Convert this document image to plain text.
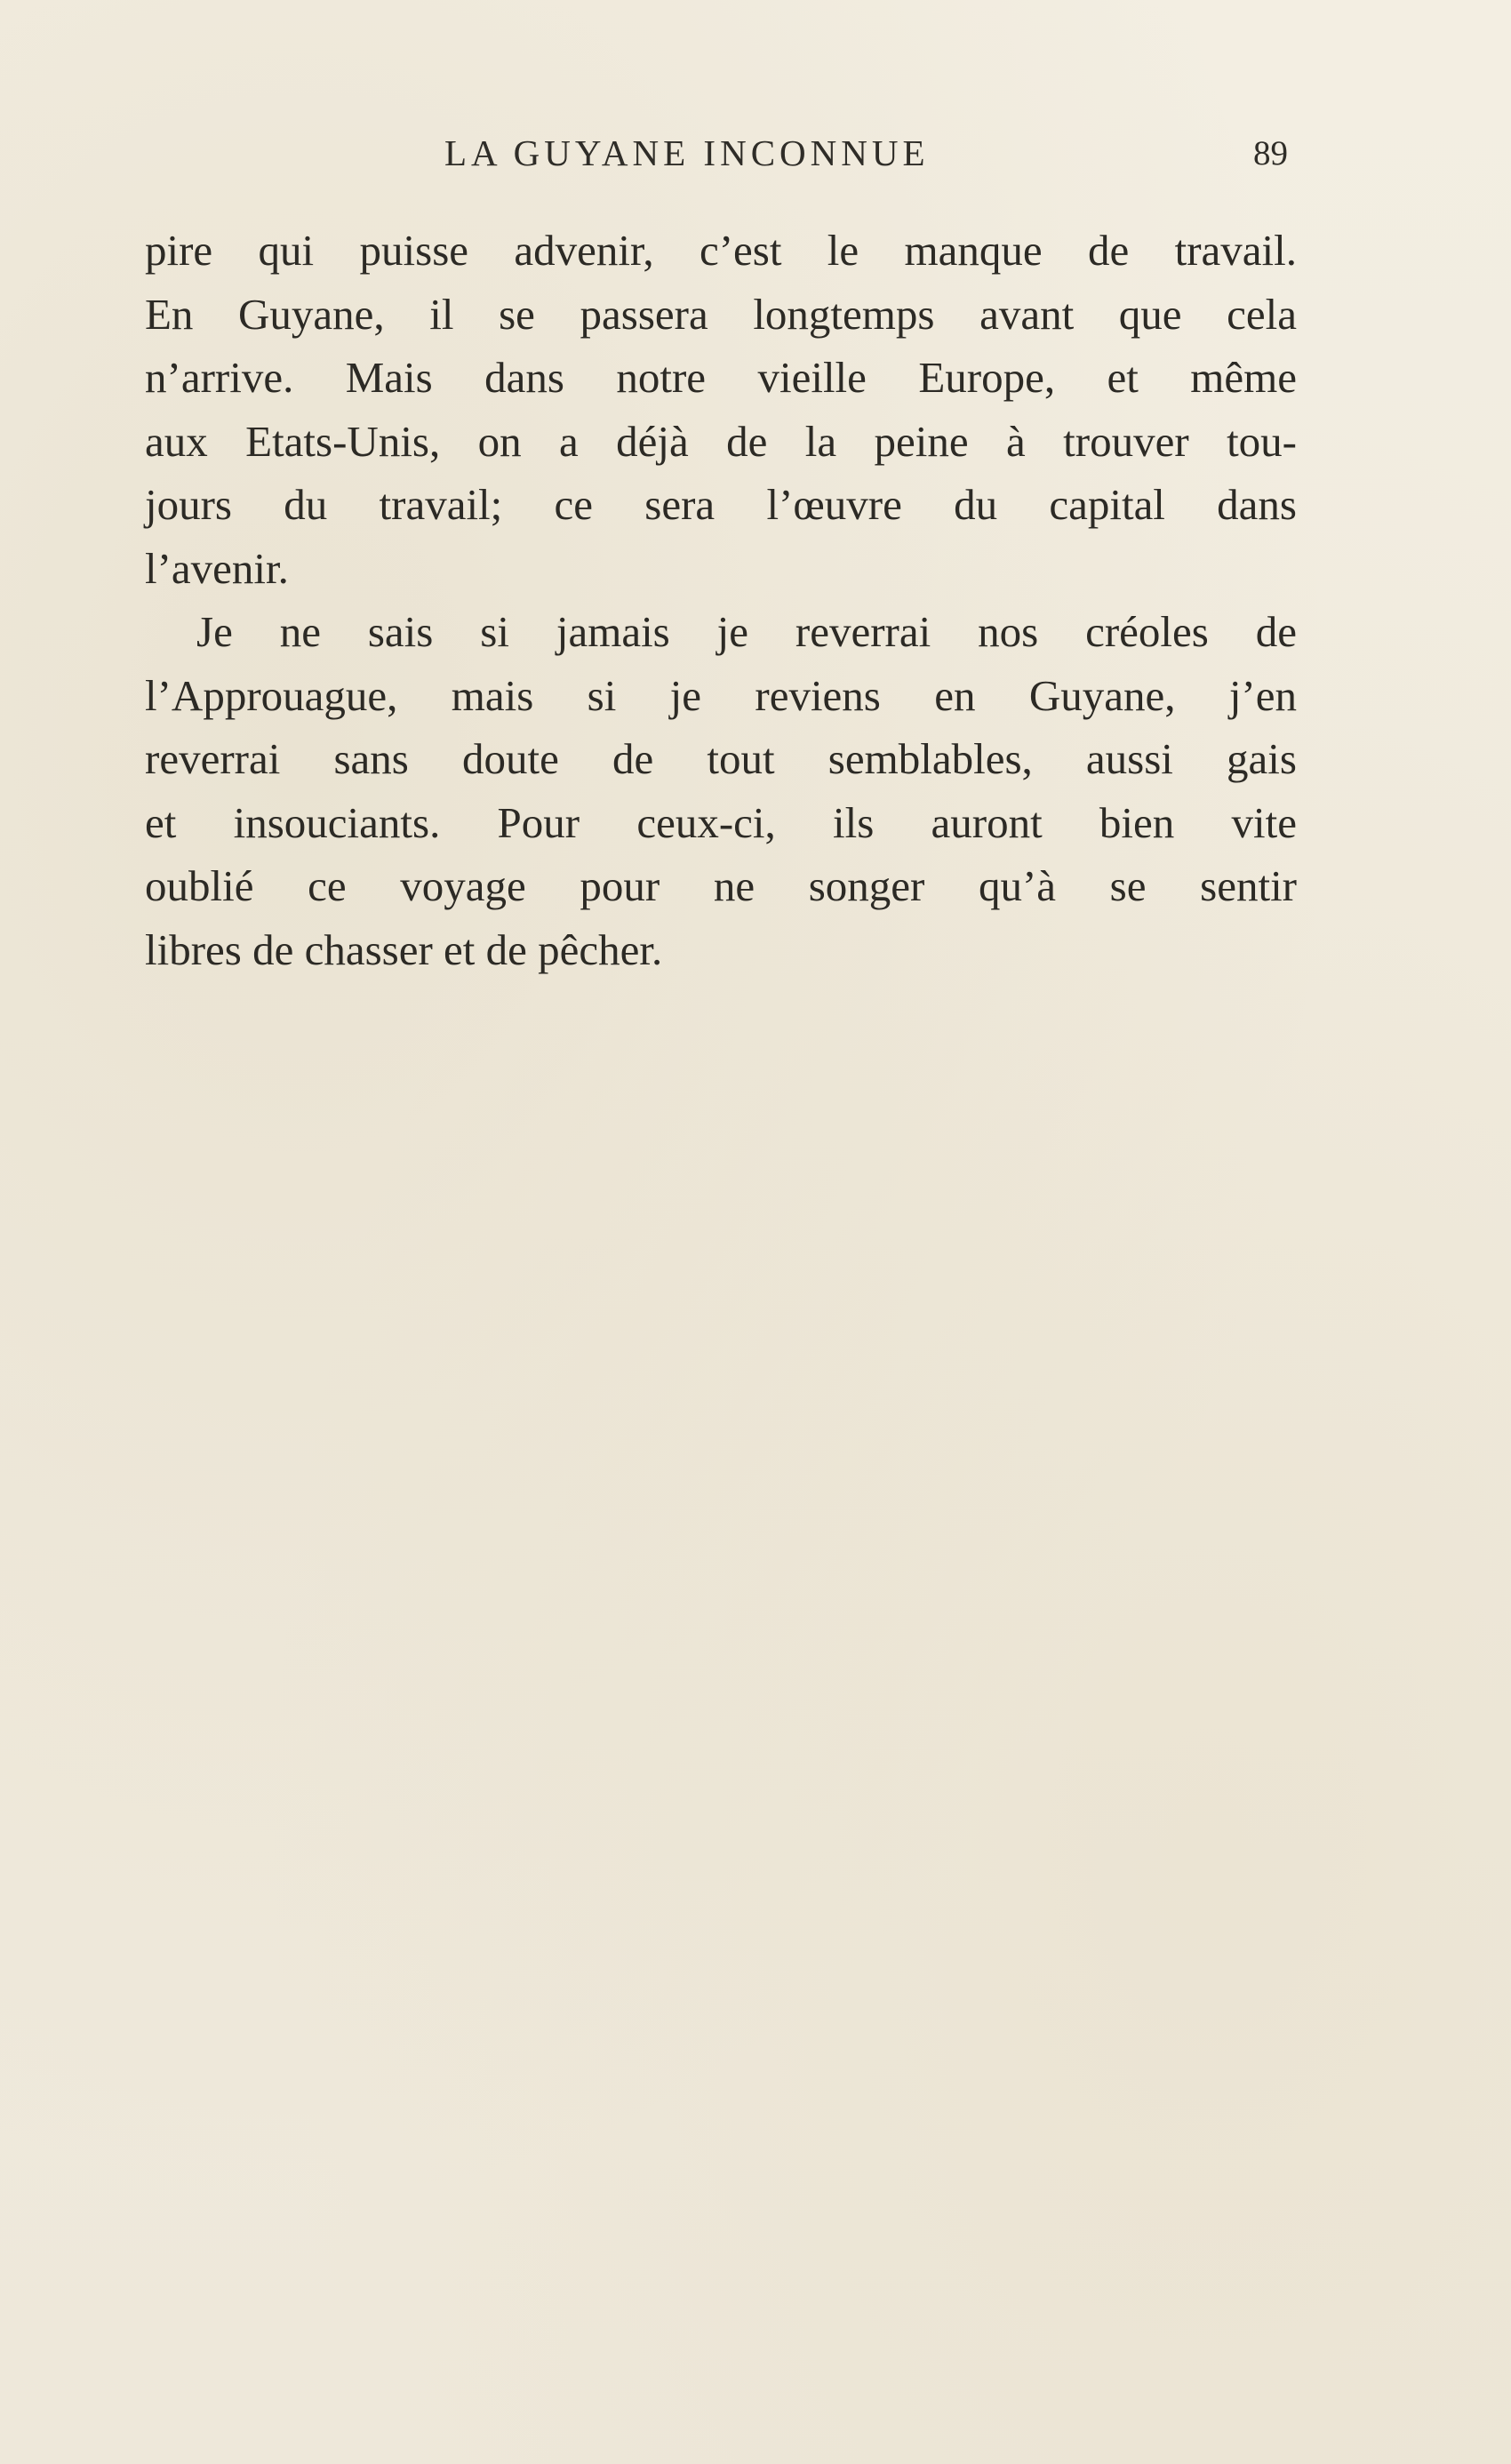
LA GUYANE INCONNUE	89
pire qui puisse advenir, c’est le manque de travail.
En Guyane, il se passera longtemps avant que cela
n’arrive. Mais dans notre vieille Europe, et même
aux Etats-Unis, on a déjà de la peine à trouver tou-
jours du travail; ce sera l’œuvre du capital dans
l’avenir.
Je ne sais si jamais je reverrai nos créoles de
l’Approuague, mais si je reviens en Guyane, j’en
reverrai sans doute de tout semblables, aussi gais
et insouciants. Pour ceux-ci, ils auront bien vite
oublié ce voyage pour ne songer qu’à se sentir
libres de chasser et de pêcher.
